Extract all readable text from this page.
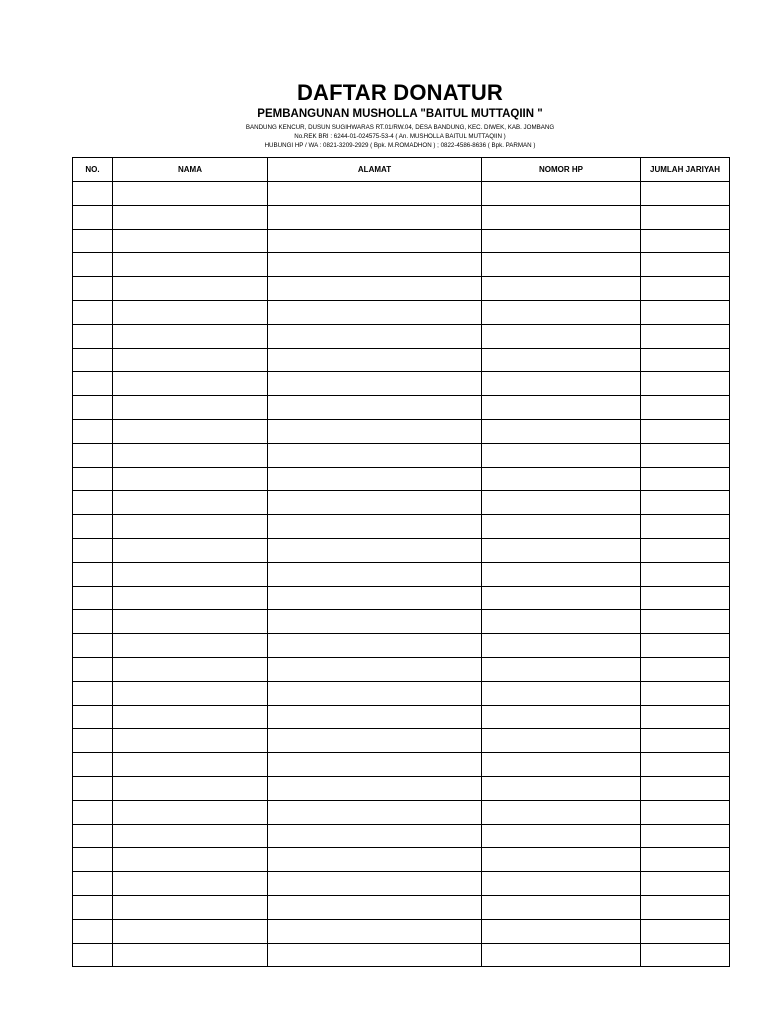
DAFTAR DONATUR
PEMBANGUNAN MUSHOLLA "BAITUL MUTTAQIIN "
BANDUNG KENCUR, DUSUN SUGIHWARAS RT.01/RW.04, DESA BANDUNG, KEC. DIWEK, KAB. JOMBANG
No.REK BRI : 6244-01-024575-53-4 ( An. MUSHOLLA BAITUL MUTTAQIIN )
HUBUNGI HP / WA : 0821-3209-2929 ( Bpk. M.ROMADHON ) ; 0822-4586-8636 ( Bpk. PARMAN )
NO.	NAMA	ALAMAT	NOMOR HP	JUMLAH JARIYAH
